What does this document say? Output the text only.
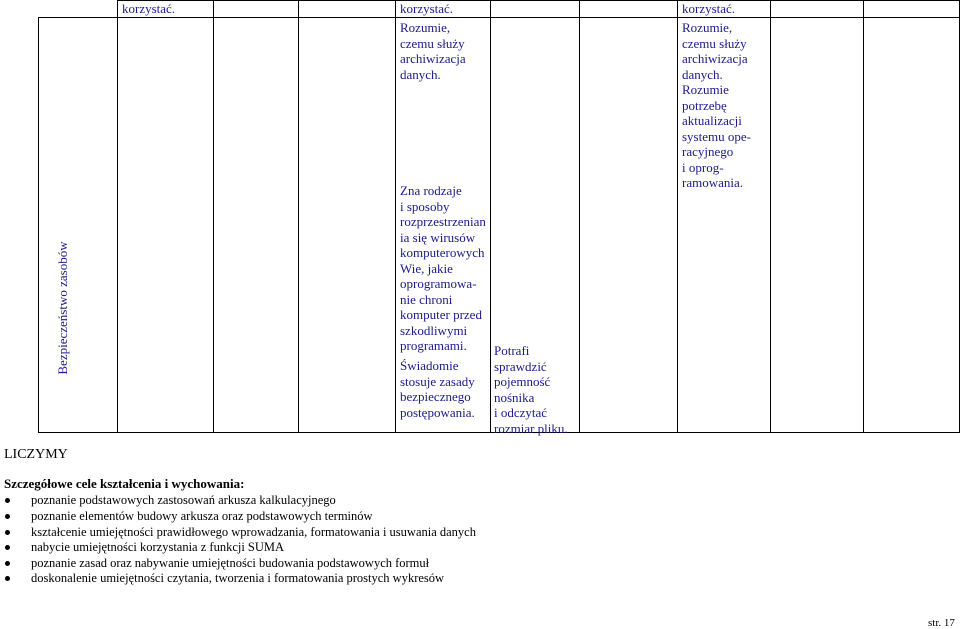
korzystać.	korzystać.	korzystać.
Bezpieczeństwo zasobów
Rozumie,
czemu służy
archiwizacja
danych.
Zna rodzaje
i sposoby
rozprzestrzenian
ia się wirusów
komputerowych
Wie, jakie
oprogramowa-
nie chroni
komputer przed
szkodliwymi
programami.
Świadomie
stosuje zasady
bezpiecznego
postępowania.
Potrafi
sprawdzić
pojemność
nośnika
i odczytać
rozmiar pliku.
Rozumie,
czemu służy
archiwizacja
danych.
Rozumie
potrzebę
aktualizacji
systemu ope-
racyjnego
i oprog-
ramowania.
LICZYMY
Szczegółowe cele kształcenia i wychowania:
poznanie podstawowych zastosowań arkusza kalkulacyjnego
poznanie elementów budowy arkusza oraz podstawowych terminów
kształcenie umiejętności prawidłowego wprowadzania, formatowania i usuwania danych
nabycie umiejętności korzystania z funkcji SUMA
poznanie zasad oraz nabywanie umiejętności budowania podstawowych formuł
doskonalenie umiejętności czytania, tworzenia i formatowania prostych wykresów
str. 17
